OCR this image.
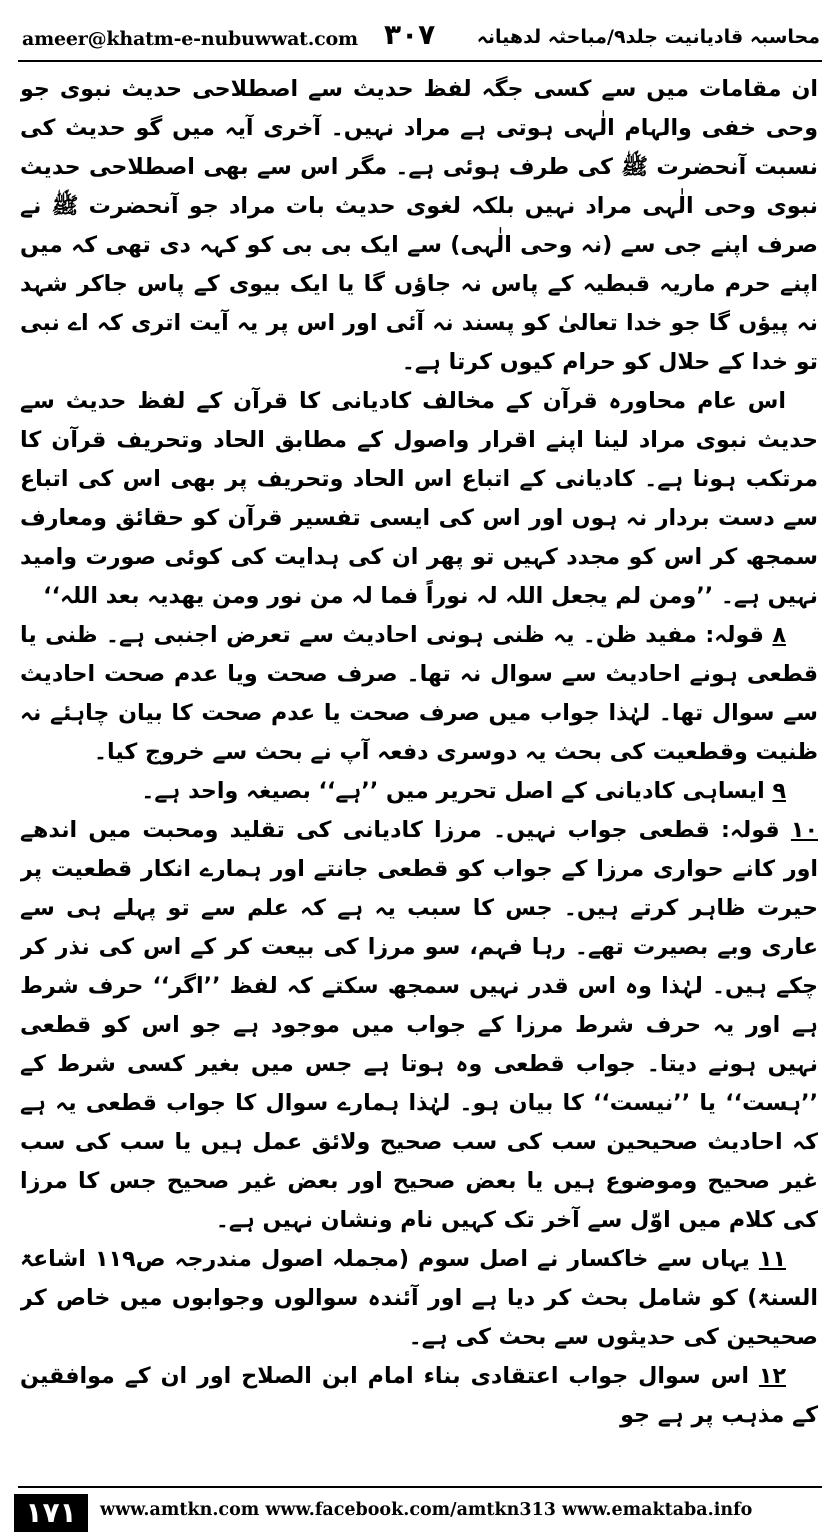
ameer@khatm-e-nubuwwat.com ۳۰۷ محاسبہ قادیانیت جلد۹/مباحثہ لدھیانہ

ان مقامات میں سے کسی جگہ لفظ حدیث سے اصطلاحی حدیث نبوی جو وحی خفی والہام الٰہی ہوتی ہے مراد نہیں۔ آخری آیہ میں گو حدیث کی نسبت آنحضرت ﷺ کی طرف ہوئی ہے۔ مگر اس سے بھی اصطلاحی حدیث نبوی وحی الٰہی مراد نہیں بلکہ لغوی حدیث بات مراد جو آنحضرت ﷺ نے صرف اپنے جی سے (نہ وحی الٰہی) سے ایک بی بی کو کہہ دی تھی کہ میں اپنے حرم ماریہ قبطیہ کے پاس نہ جاؤں گا یا ایک بیوی کے پاس جاکر شہد نہ پیؤں گا جو خدا تعالیٰ کو پسند نہ آئی اور اس پر یہ آیت اتری کہ اے نبی تو خدا کے حلال کو حرام کیوں کرتا ہے۔

اس عام محاورہ قرآن کے مخالف کادیانی کا قرآن کے لفظ حدیث سے حدیث نبوی مراد لینا اپنے اقرار واصول کے مطابق الحاد وتحریف قرآن کا مرتکب ہونا ہے۔ کادیانی کے اتباع اس الحاد وتحریف پر بھی اس کی اتباع سے دست بردار نہ ہوں اور اس کی ایسی تفسیر قرآن کو حقائق ومعارف سمجھ کر اس کو مجدد کہیں تو پھر ان کی ہدایت کی کوئی صورت وامید نہیں ہے۔ ’’ومن لم یجعل اللہ لہ نوراً فما لہ من نور ومن یھدیہ بعد اللہ‘‘

۸ قولہ: مفید ظن۔ یہ ظنی ہونی احادیث سے تعرض اجنبی ہے۔ ظنی یا قطعی ہونے احادیث سے سوال نہ تھا۔ صرف صحت ویا عدم صحت احادیث سے سوال تھا۔ لہٰذا جواب میں صرف صحت یا عدم صحت کا بیان چاہئے نہ ظنیت وقطعیت کی بحث یہ دوسری دفعہ آپ نے بحث سے خروج کیا۔

۹ ایساہی کادیانی کے اصل تحریر میں ’’ہے‘‘ بصیغہ واحد ہے۔

۱۰ قولہ: قطعی جواب نہیں۔ مرزا کادیانی کی تقلید ومحبت میں اندھے اور کانے حواری مرزا کے جواب کو قطعی جانتے اور ہمارے انکار قطعیت پر حیرت ظاہر کرتے ہیں۔ جس کا سبب یہ ہے کہ علم سے تو پہلے ہی سے عاری وبے بصیرت تھے۔ رہا فہم، سو مرزا کی بیعت کر کے اس کی نذر کر چکے ہیں۔ لہٰذا وہ اس قدر نہیں سمجھ سکتے کہ لفظ ’’اگر‘‘ حرف شرط ہے اور یہ حرف شرط مرزا کے جواب میں موجود ہے جو اس کو قطعی نہیں ہونے دیتا۔ جواب قطعی وہ ہوتا ہے جس میں بغیر کسی شرط کے ’’ہست‘‘ یا ’’نیست‘‘ کا بیان ہو۔ لہٰذا ہمارے سوال کا جواب قطعی یہ ہے کہ احادیث صحیحین سب کی سب صحیح ولائق عمل ہیں یا سب کی سب غیر صحیح وموضوع ہیں یا بعض صحیح اور بعض غیر صحیح جس کا مرزا کی کلام میں اوّل سے آخر تک کہیں نام ونشان نہیں ہے۔

۱۱ یہاں سے خاکسار نے اصل سوم (مجملہ اصول مندرجہ ص۱۱۹ اشاعۃ السنۃ) کو شامل بحث کر دیا ہے اور آئندہ سوالوں وجوابوں میں خاص کر صحیحین کی حدیثوں سے بحث کی ہے۔

۱۲ اس سوال جواب اعتقادی بناء امام ابن الصلاح اور ان کے موافقین کے مذہب پر ہے جو

۱۷۱	www.amtkn.com www.facebook.com/amtkn313 www.emaktaba.info
